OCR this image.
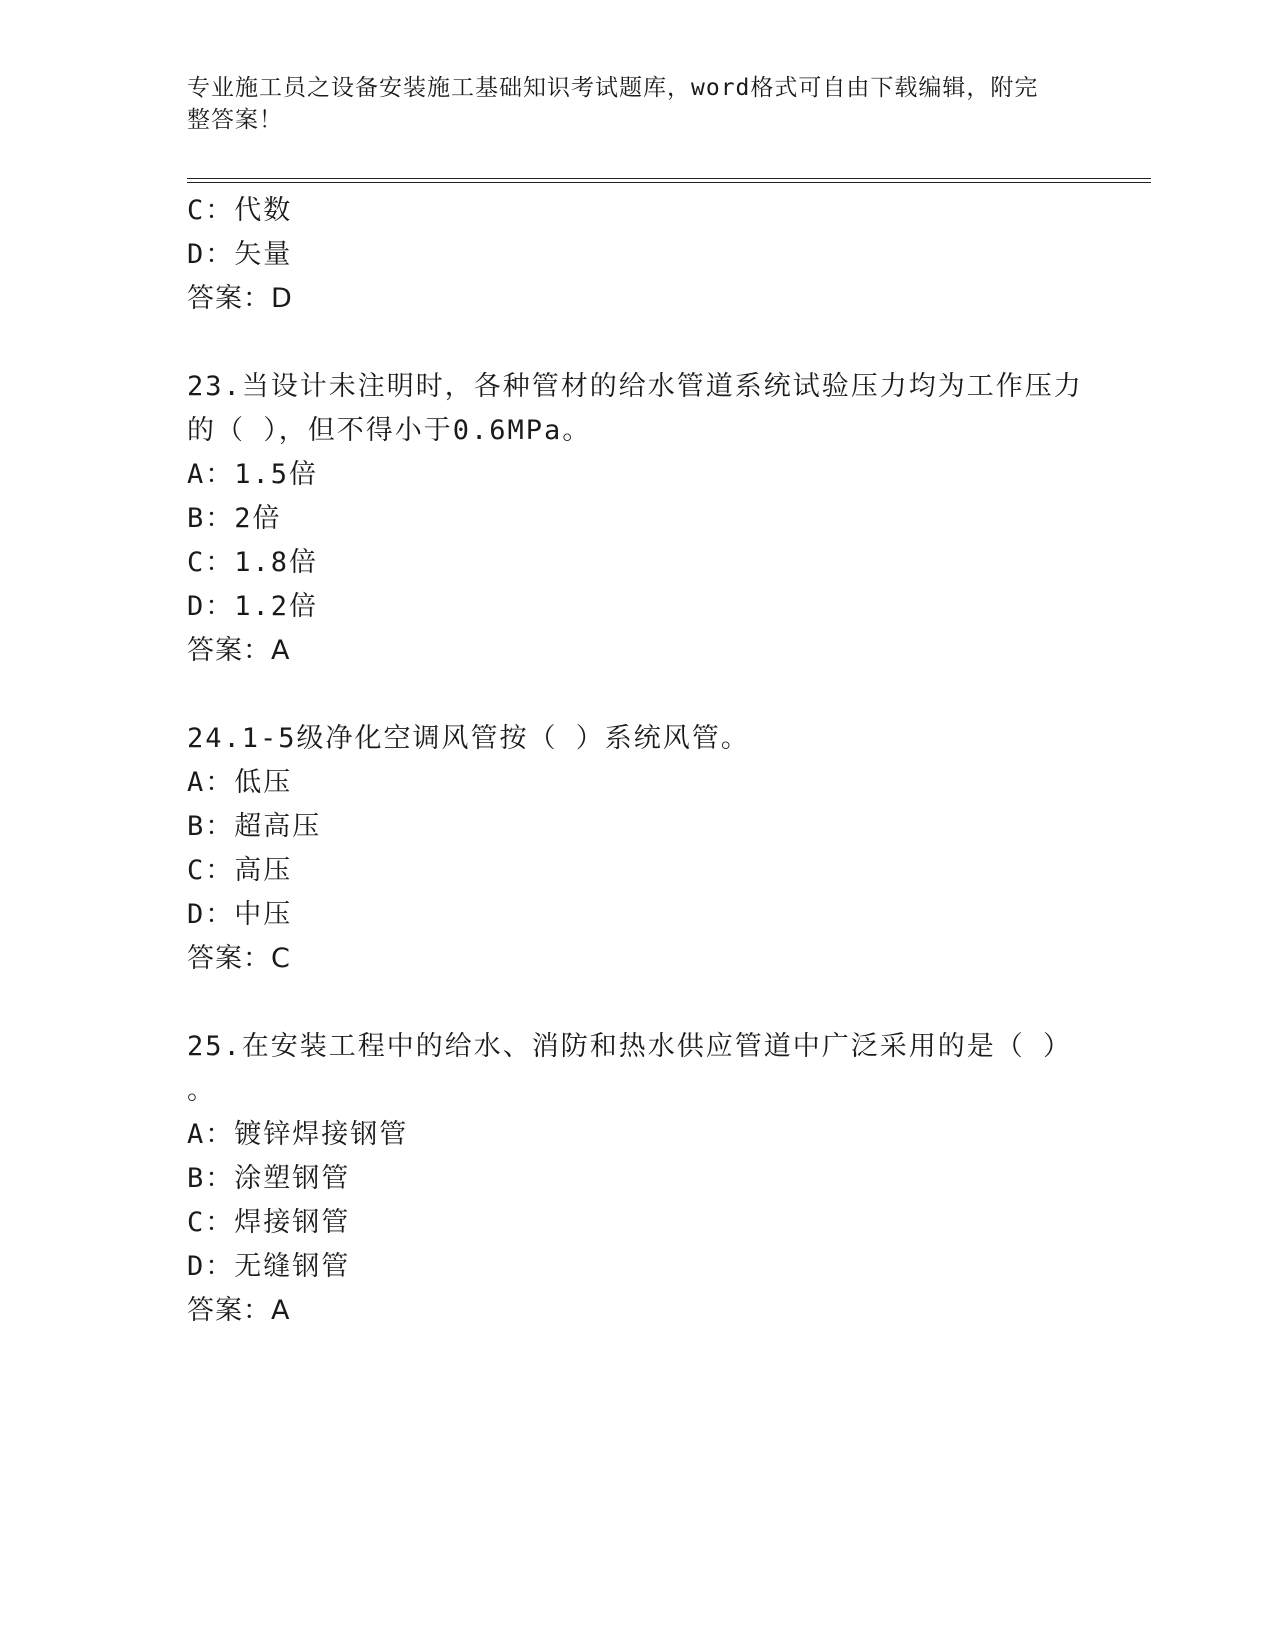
专业施工员之设备安装施工基础知识考试题库，word格式可自由下载编辑，附完
整答案！
C：代数
D：矢量
答案：D
23.当设计未注明时，各种管材的给水管道系统试验压力均为工作压力
的（ ），但不得小于0.6MPa。
A：1.5倍
B：2倍
C：1.8倍
D：1.2倍
答案：A
24.1-5级净化空调风管按（ ）系统风管。
A：低压
B：超高压
C：高压
D：中压
答案：C
25.在安装工程中的给水、消防和热水供应管道中广泛采用的是（ ）
。
A：镀锌焊接钢管
B：涂塑钢管
C：焊接钢管
D：无缝钢管
答案：A
